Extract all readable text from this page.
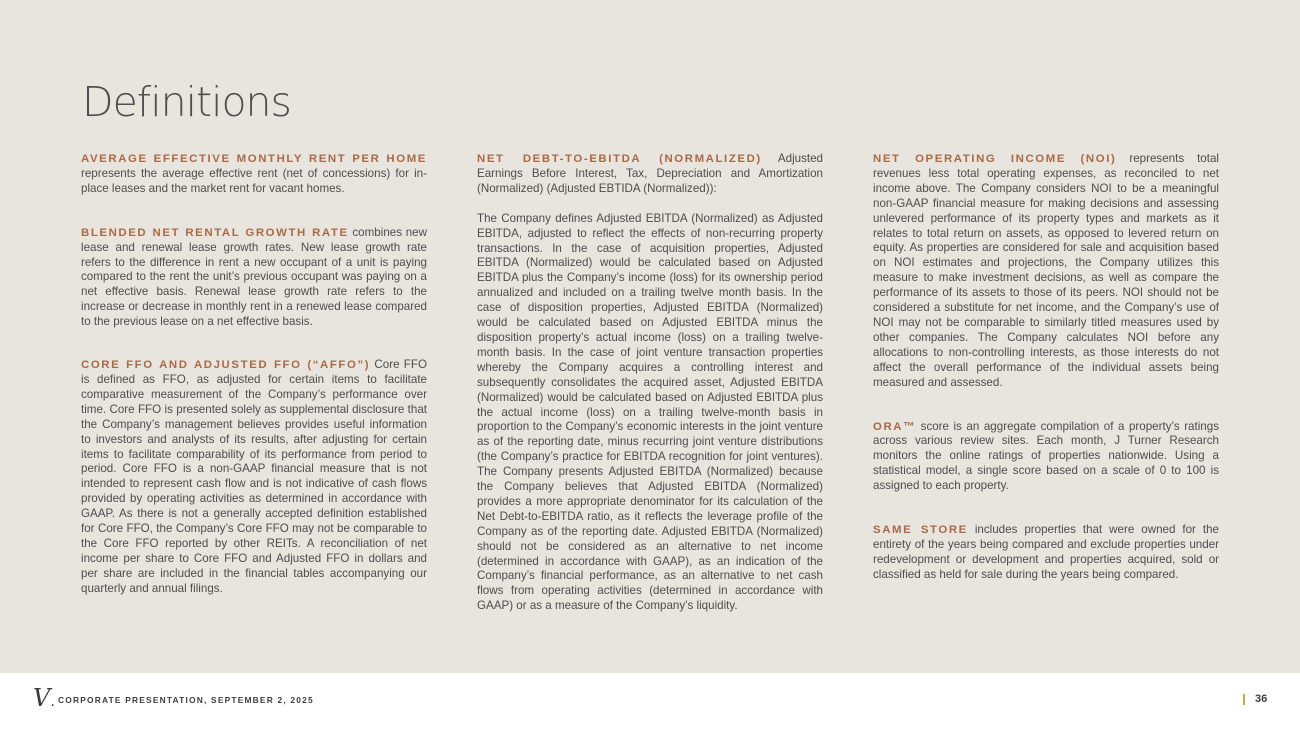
Definitions

AVERAGE EFFECTIVE MONTHLY RENT PER HOME represents the average effective rent (net of concessions) for in-place leases and the market rent for vacant homes.

BLENDED NET RENTAL GROWTH RATE combines new lease and renewal lease growth rates. New lease growth rate refers to the difference in rent a new occupant of a unit is paying compared to the rent the unit’s previous occupant was paying on a net effective basis. Renewal lease growth rate refers to the increase or decrease in monthly rent in a renewed lease compared to the previous lease on a net effective basis.

CORE FFO AND ADJUSTED FFO (“AFFO”) Core FFO is defined as FFO, as adjusted for certain items to facilitate comparative measurement of the Company’s performance over time. Core FFO is presented solely as supplemental disclosure that the Company’s management believes provides useful information to investors and analysts of its results, after adjusting for certain items to facilitate comparability of its performance from period to period. Core FFO is a non-GAAP financial measure that is not intended to represent cash flow and is not indicative of cash flows provided by operating activities as determined in accordance with GAAP. As there is not a generally accepted definition established for Core FFO, the Company’s Core FFO may not be comparable to the Core FFO reported by other REITs. A reconciliation of net income per share to Core FFO and Adjusted FFO in dollars and per share are included in the financial tables accompanying our quarterly and annual filings.

NET DEBT-TO-EBITDA (NORMALIZED) Adjusted Earnings Before Interest, Tax, Depreciation and Amortization (Normalized) (Adjusted EBTIDA (Normalized)):

The Company defines Adjusted EBITDA (Normalized) as Adjusted EBITDA, adjusted to reflect the effects of non-recurring property transactions. In the case of acquisition properties, Adjusted EBITDA (Normalized) would be calculated based on Adjusted EBITDA plus the Company’s income (loss) for its ownership period annualized and included on a trailing twelve month basis. In the case of disposition properties, Adjusted EBITDA (Normalized) would be calculated based on Adjusted EBITDA minus the disposition property’s actual income (loss) on a trailing twelve-month basis. In the case of joint venture transaction properties whereby the Company acquires a controlling interest and subsequently consolidates the acquired asset, Adjusted EBITDA (Normalized) would be calculated based on Adjusted EBITDA plus the actual income (loss) on a trailing twelve-month basis in proportion to the Company’s economic interests in the joint venture as of the reporting date, minus recurring joint venture distributions (the Company’s practice for EBITDA recognition for joint ventures). The Company presents Adjusted EBITDA (Normalized) because the Company believes that Adjusted EBITDA (Normalized) provides a more appropriate denominator for its calculation of the Net Debt-to-EBITDA ratio, as it reflects the leverage profile of the Company as of the reporting date. Adjusted EBITDA (Normalized) should not be considered as an alternative to net income (determined in accordance with GAAP), as an indication of the Company’s financial performance, as an alternative to net cash flows from operating activities (determined in accordance with GAAP) or as a measure of the Company’s liquidity.

NET OPERATING INCOME (NOI) represents total revenues less total operating expenses, as reconciled to net income above. The Company considers NOI to be a meaningful non-GAAP financial measure for making decisions and assessing unlevered performance of its property types and markets as it relates to total return on assets, as opposed to levered return on equity. As properties are considered for sale and acquisition based on NOI estimates and projections, the Company utilizes this measure to make investment decisions, as well as compare the performance of its assets to those of its peers. NOI should not be considered a substitute for net income, and the Company’s use of NOI may not be comparable to similarly titled measures used by other companies. The Company calculates NOI before any allocations to non-controlling interests, as those interests do not affect the overall performance of the individual assets being measured and assessed.

ORA™ score is an aggregate compilation of a property’s ratings across various review sites. Each month, J Turner Research monitors the online ratings of properties nationwide. Using a statistical model, a single score based on a scale of 0 to 100 is assigned to each property.

SAME STORE includes properties that were owned for the entirety of the years being compared and exclude properties under redevelopment or development and properties acquired, sold or classified as held for sale during the years being compared.

V. CORPORATE PRESENTATION, SEPTEMBER 2, 2025	36
